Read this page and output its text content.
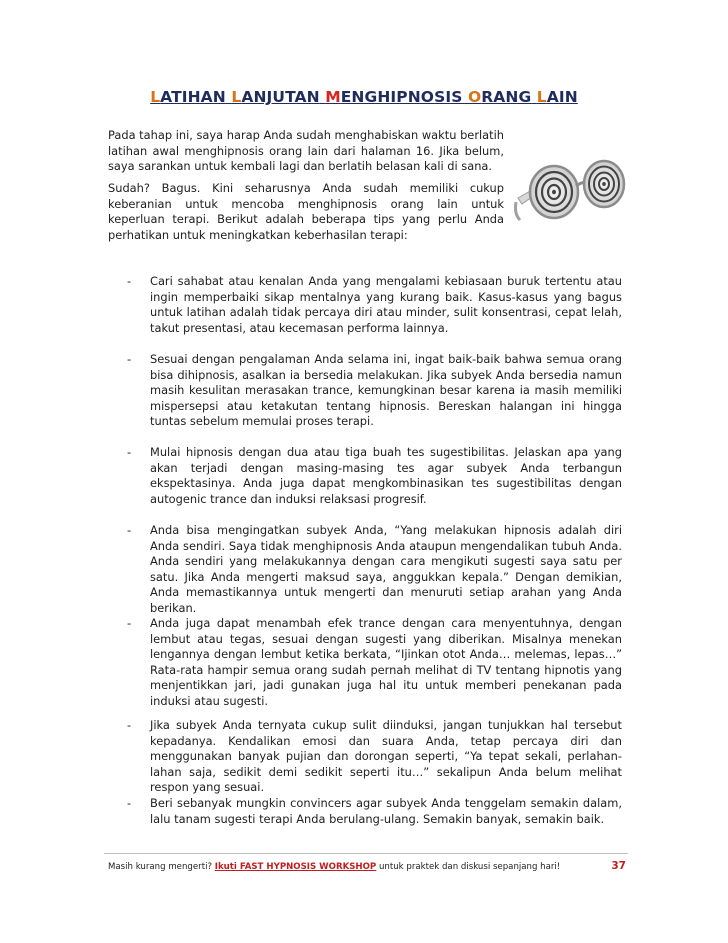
LATIHAN LANJUTAN MENGHIPNOSIS ORANG LAIN

Pada tahap ini, saya harap Anda sudah menghabiskan waktu berlatih latihan awal menghipnosis orang lain dari halaman 16. Jika belum, saya sarankan untuk kembali lagi dan berlatih belasan kali di sana.

Sudah? Bagus. Kini seharusnya Anda sudah memiliki cukup keberanian untuk mencoba menghipnosis orang lain untuk keperluan terapi. Berikut adalah beberapa tips yang perlu Anda perhatikan untuk meningkatkan keberhasilan terapi:

- Cari sahabat atau kenalan Anda yang mengalami kebiasaan buruk tertentu atau ingin memperbaiki sikap mentalnya yang kurang baik. Kasus-kasus yang bagus untuk latihan adalah tidak percaya diri atau minder, sulit konsentrasi, cepat lelah, takut presentasi, atau kecemasan performa lainnya.

- Sesuai dengan pengalaman Anda selama ini, ingat baik-baik bahwa semua orang bisa dihipnosis, asalkan ia bersedia melakukan. Jika subyek Anda bersedia namun masih kesulitan merasakan trance, kemungkinan besar karena ia masih memiliki mispersepsi atau ketakutan tentang hipnosis. Bereskan halangan ini hingga tuntas sebelum memulai proses terapi.

- Mulai hipnosis dengan dua atau tiga buah tes sugestibilitas. Jelaskan apa yang akan terjadi dengan masing-masing tes agar subyek Anda terbangun ekspektasinya. Anda juga dapat mengkombinasikan tes sugestibilitas dengan autogenic trance dan induksi relaksasi progresif.

- Anda bisa mengingatkan subyek Anda, “Yang melakukan hipnosis adalah diri Anda sendiri. Saya tidak menghipnosis Anda ataupun mengendalikan tubuh Anda. Anda sendiri yang melakukannya dengan cara mengikuti sugesti saya satu per satu. Jika Anda mengerti maksud saya, anggukkan kepala.” Dengan demikian, Anda memastikannya untuk mengerti dan menuruti setiap arahan yang Anda berikan.

- Anda juga dapat menambah efek trance dengan cara menyentuhnya, dengan lembut atau tegas, sesuai dengan sugesti yang diberikan. Misalnya menekan lengannya dengan lembut ketika berkata, “Ijinkan otot Anda… melemas, lepas…” Rata-rata hampir semua orang sudah pernah melihat di TV tentang hipnotis yang menjentikkan jari, jadi gunakan juga hal itu untuk memberi penekanan pada induksi atau sugesti.

- Jika subyek Anda ternyata cukup sulit diinduksi, jangan tunjukkan hal tersebut kepadanya. Kendalikan emosi dan suara Anda, tetap percaya diri dan menggunakan banyak pujian dan dorongan seperti, “Ya tepat sekali, perlahan-lahan saja, sedikit demi sedikit seperti itu…” sekalipun Anda belum melihat respon yang sesuai.

- Beri sebanyak mungkin convincers agar subyek Anda tenggelam semakin dalam, lalu tanam sugesti terapi Anda berulang-ulang. Semakin banyak, semakin baik.

Masih kurang mengerti? Ikuti FAST HYPNOSIS WORKSHOP untuk praktek dan diskusi sepanjang hari!	37
